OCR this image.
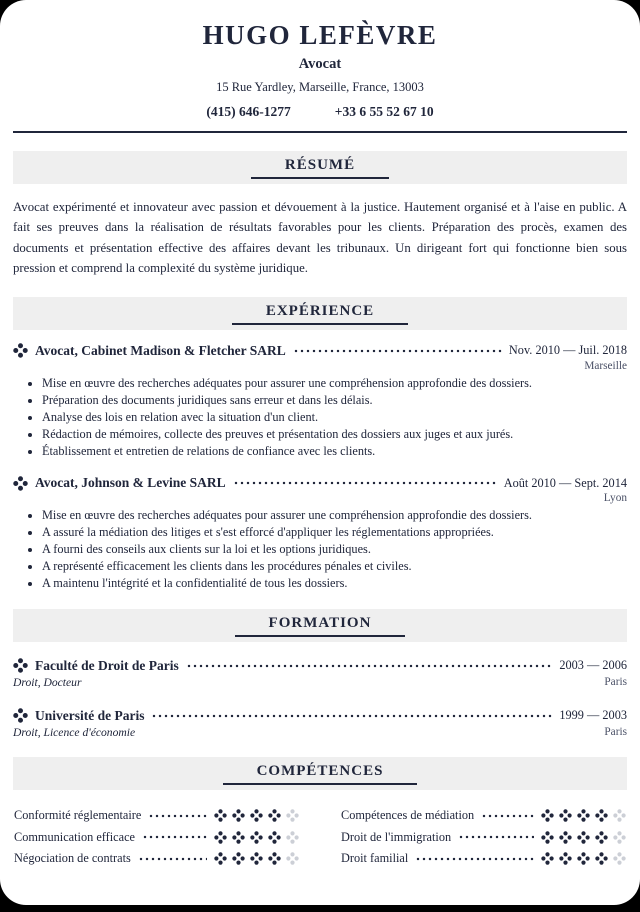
HUGO LEFÈVRE
Avocat
15 Rue Yardley, Marseille, France, 13003
(415) 646-1277	+33 6 55 52 67 10
RÉSUMÉ

Avocat expérimenté et innovateur avec passion et dévouement à la justice. Hautement organisé et à l'aise en public. A fait ses preuves dans la réalisation de résultats favorables pour les clients. Préparation des procès, examen des documents et présentation effective des affaires devant les tribunaux. Un dirigeant fort qui fonctionne bien sous pression et comprend la complexité du système juridique.

EXPÉRIENCE
Avocat, Cabinet Madison & Fletcher SARL	Nov. 2010 — Juil. 2018
Marseille
• Mise en œuvre des recherches adéquates pour assurer une compréhension approfondie des dossiers.
• Préparation des documents juridiques sans erreur et dans les délais.
• Analyse des lois en relation avec la situation d'un client.
• Rédaction de mémoires, collecte des preuves et présentation des dossiers aux juges et aux jurés.
• Établissement et entretien de relations de confiance avec les clients.
Avocat, Johnson & Levine SARL	Août 2010 — Sept. 2014
Lyon
• Mise en œuvre des recherches adéquates pour assurer une compréhension approfondie des dossiers.
• A assuré la médiation des litiges et s'est efforcé d'appliquer les réglementations appropriées.
• A fourni des conseils aux clients sur la loi et les options juridiques.
• A représenté efficacement les clients dans les procédures pénales et civiles.
• A maintenu l'intégrité et la confidentialité de tous les dossiers.
FORMATION
Faculté de Droit de Paris	2003 — 2006
Droit, Docteur	Paris
Université de Paris	1999 — 2003
Droit, Licence d'économie	Paris
COMPÉTENCES
Conformité réglementaire
Communication efficace
Négociation de contrats
Compétences de médiation
Droit de l'immigration
Droit familial
